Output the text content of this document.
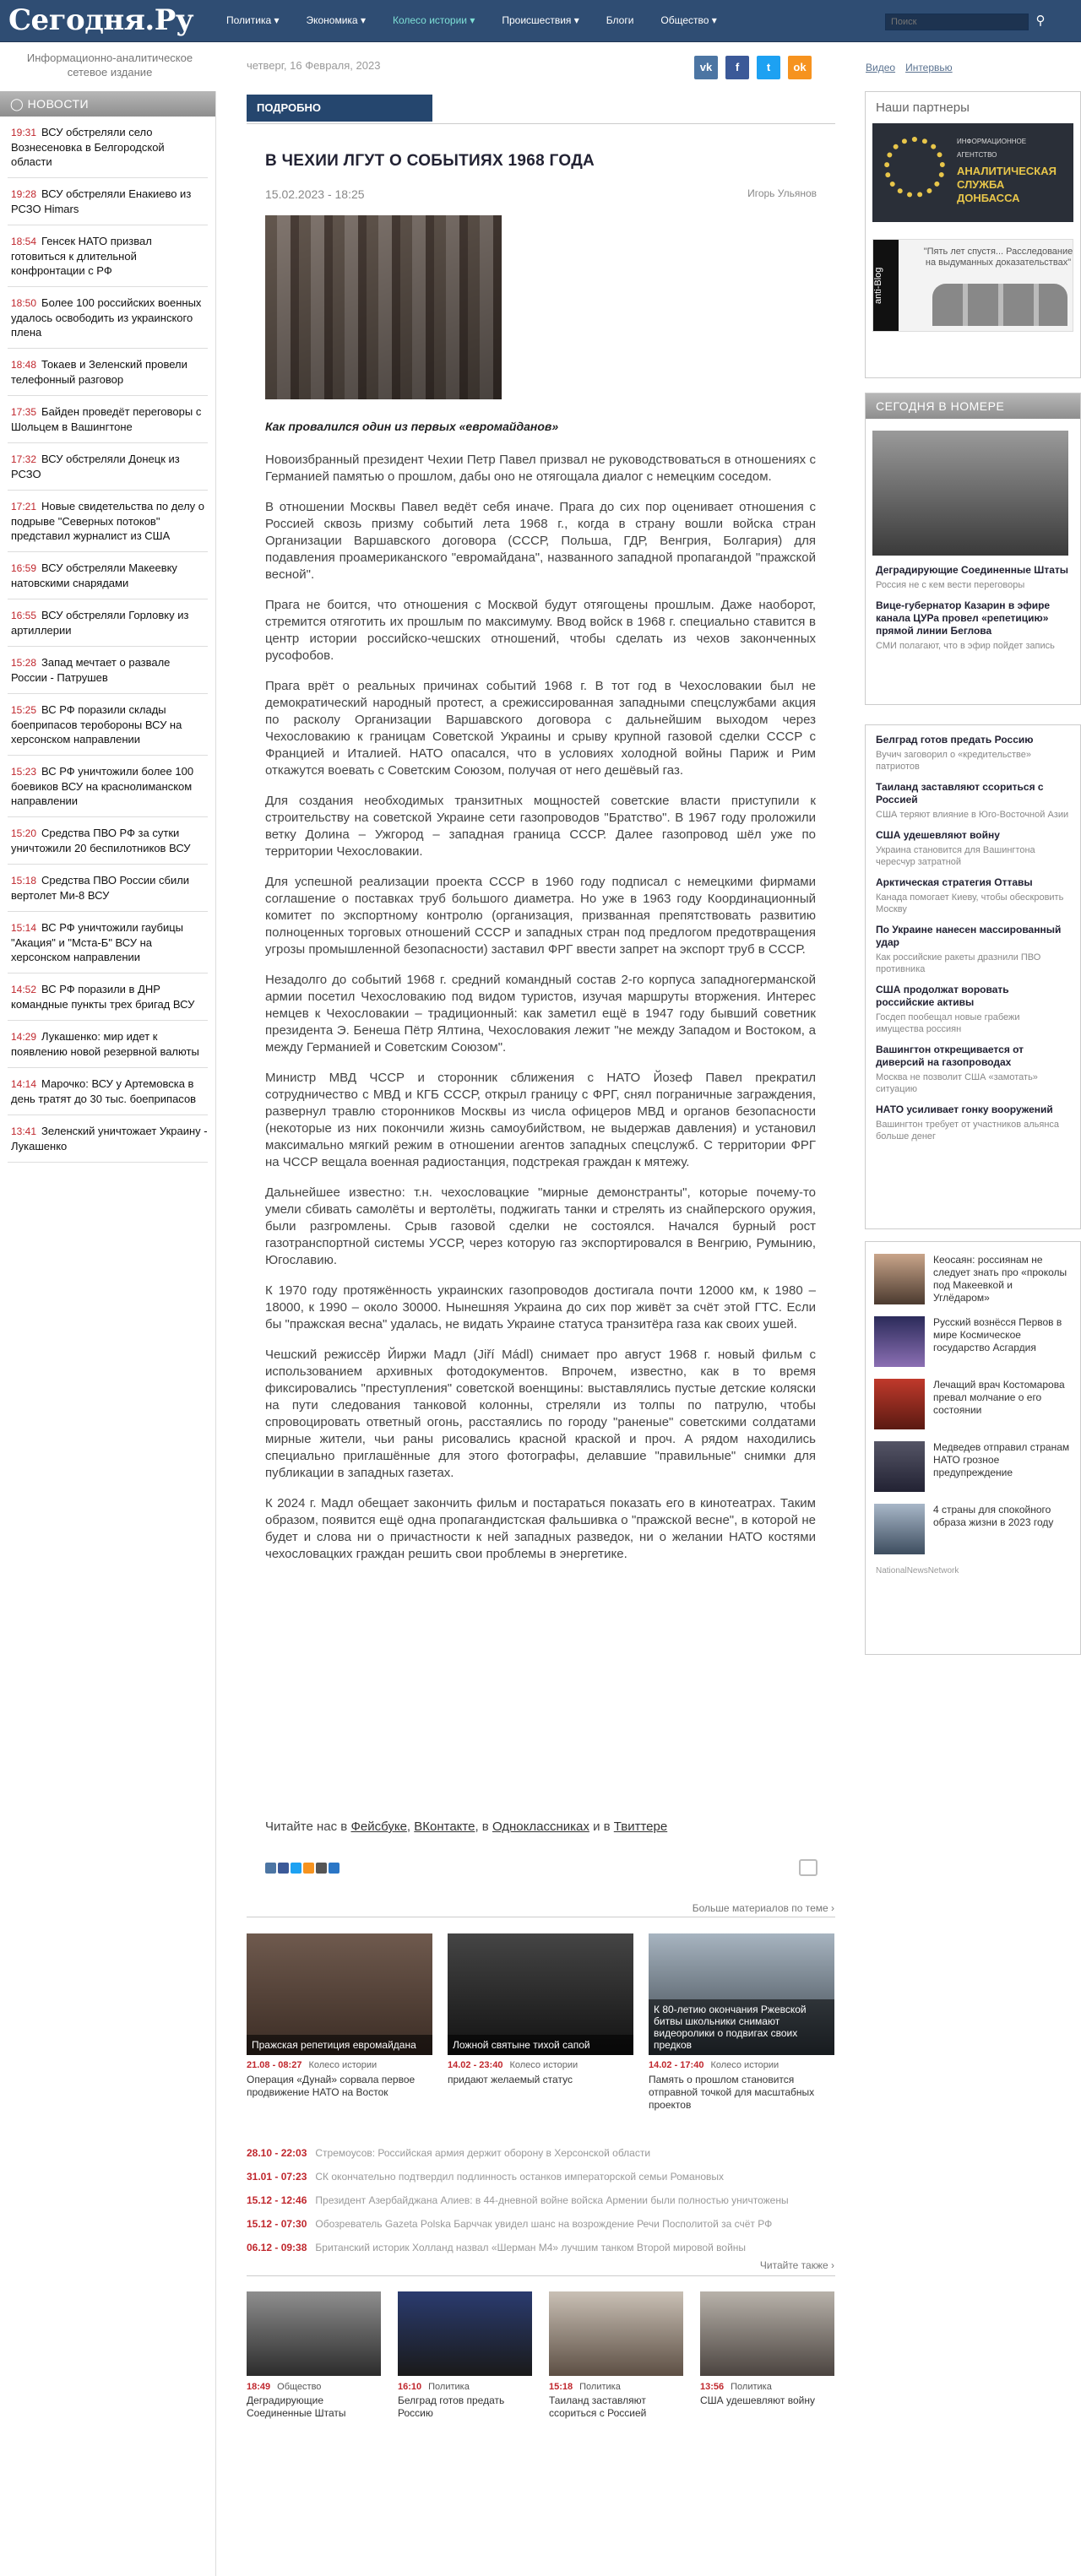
Сегодня.Ру	Политика ▾	Экономика ▾	Колесо истории ▾	Происшествия ▾	Блоги	Общество ▾
Поиск	⚲
Информационно-аналитическое сетевое издание
четверг, 16 Февраля, 2023	vk	f	t	ok	Видео Интервью
◯ НОВОСТИ
19:31 ВСУ обстреляли село Вознесеновка в Белгородской области
19:28 ВСУ обстреляли Енакиево из РСЗО Himars
18:54 Генсек НАТО призвал готовиться к длительной конфронтации с РФ
18:50 Более 100 российских военных удалось освободить из украинского плена
18:48 Токаев и Зеленский провели телефонный разговор
17:35 Байден проведёт переговоры с Шольцем в Вашингтоне
17:32 ВСУ обстреляли Донецк из РСЗО
17:21 Новые свидетельства по делу о подрыве "Северных потоков" представил журналист из США
16:59 ВСУ обстреляли Макеевку натовскими снарядами
16:55 ВСУ обстреляли Горловку из артиллерии
15:28 Запад мечтает о развале России - Патрушев
15:25 ВС РФ поразили склады боеприпасов теробороны ВСУ на херсонском направлении
15:23 ВС РФ уничтожили более 100 боевиков ВСУ на краснолиманском направлении
15:20 Средства ПВО РФ за сутки уничтожили 20 беспилотников ВСУ
15:18 Средства ПВО России сбили вертолет Ми-8 ВСУ
15:14 ВС РФ уничтожили гаубицы "Акация" и "Мста-Б" ВСУ на херсонском направлении
14:52 ВС РФ поразили в ДНР командные пункты трех бригад ВСУ
14:29 Лукашенко: мир идет к появлению новой резервной валюты
14:14 Марочко: ВСУ у Артемовска в день тратят до 30 тыс. боеприпасов
13:41 Зеленский уничтожает Украину - Лукашенко
ПОДРОБНО
В ЧЕХИИ ЛГУТ О СОБЫТИЯХ 1968 ГОДА
15.02.2023 - 18:25	Игорь Ульянов
Как провалился один из первых «евромайданов»

Новоизбранный президент Чехии Петр Павел призвал не руководствоваться в отношениях с Германией памятью о прошлом, дабы оно не отягощала диалог с немецким соседом.

В отношении Москвы Павел ведёт себя иначе. Прага до сих пор оценивает отношения с Россией сквозь призму событий лета 1968 г., когда в страну вошли войска стран Организации Варшавского договора (СССР, Польша, ГДР, Венгрия, Болгария) для подавления проамериканского "евромайдана", названного западной пропагандой "пражской весной".

Прага не боится, что отношения с Москвой будут отягощены прошлым. Даже наоборот, стремится отяготить их прошлым по максимуму. Ввод войск в 1968 г. специально ставится в центр истории российско-чешских отношений, чтобы сделать из чехов законченных русофобов.

Прага врёт о реальных причинах событий 1968 г. В тот год в Чехословакии был не демократический народный протест, а срежиссированная западными спецслужбами акция по расколу Организации Варшавского договора с дальнейшим выходом через Чехословакию к границам Советской Украины и срыву крупной газовой сделки СССР с Францией и Италией. НАТО опасался, что в условиях холодной войны Париж и Рим откажутся воевать с Советским Союзом, получая от него дешёвый газ.

Для создания необходимых транзитных мощностей советские власти приступили к строительству на советской Украине сети газопроводов "Братство". В 1967 году проложили ветку Долина – Ужгород – западная граница СССР. Далее газопровод шёл уже по территории Чехословакии.

Для успешной реализации проекта СССР в 1960 году подписал с немецкими фирмами соглашение о поставках труб большого диаметра. Но уже в 1963 году Координационный комитет по экспортному контролю (организация, призванная препятствовать развитию полноценных торговых отношений СССР и западных стран под предлогом предотвращения угрозы промышленной безопасности) заставил ФРГ ввести запрет на экспорт труб в СССР.

Незадолго до событий 1968 г. средний командный состав 2-го корпуса западногерманской армии посетил Чехословакию под видом туристов, изучая маршруты вторжения. Интерес немцев к Чехословакии – традиционный: как заметил ещё в 1947 году бывший советник президента Э. Бенеша Пётр Ялтина, Чехословакия лежит "не между Западом и Востоком, а между Германией и Советским Союзом".

Министр МВД ЧССР и сторонник сближения с НАТО Йозеф Павел прекратил сотрудничество с МВД и КГБ СССР, открыл границу с ФРГ, снял пограничные заграждения, развернул травлю сторонников Москвы из числа офицеров МВД и органов безопасности (некоторые из них покончили жизнь самоубийством, не выдержав давления) и установил максимально мягкий режим в отношении агентов западных спецслужб. С территории ФРГ на ЧССР вещала военная радиостанция, подстрекая граждан к мятежу.

Дальнейшее известно: т.н. чехословацкие "мирные демонстранты", которые почему-то умели сбивать самолёты и вертолёты, поджигать танки и стрелять из снайперского оружия, были разгромлены. Срыв газовой сделки не состоялся. Начался бурный рост газотранспортной системы УССР, через которую газ экспортировался в Венгрию, Румынию, Югославию.

К 1970 году протяжённость украинских газопроводов достигала почти 12000 км, к 1980 – 18000, к 1990 – около 30000. Нынешняя Украина до сих пор живёт за счёт этой ГТС. Если бы "пражская весна" удалась, не видать Украине статуса транзитёра газа как своих ушей.

Чешский режиссёр Йиржи Мадл (Jiří Mádl) снимает про август 1968 г. новый фильм с использованием архивных фотодокументов. Впрочем, известно, как в то время фиксировались "преступления" советской военщины: выставлялись пустые детские коляски на пути следования танковой колонны, стреляли из толпы по патрулю, чтобы спровоцировать ответный огонь, расстаялись по городу "раненые" советскими солдатами мирные жители, чьи раны рисовались красной краской и проч. А рядом находились специально приглашённые для этого фотографы, делавшие "правильные" снимки для публикации в западных газетах.

К 2024 г. Мадл обещает закончить фильм и постараться показать его в кинотеатрах. Таким образом, появится ещё одна пропагандистская фальшивка о "пражской весне", в которой не будет и слова ни о причастности к ней западных разведок, ни о желании НАТО костями чехословацких граждан решить свои проблемы в энергетике.

Читайте нас в Фейсбуке, ВКонтакте, в Одноклассниках и в Твиттере
Больше материалов по теме ›
Пражская репетиция евромайдана
21.08 - 08:27 Колесо истории
Операция «Дунай» сорвала первое продвижение НАТО на Восток
Ложной святыне тихой сапой
14.02 - 23:40 Колесо истории
придают желаемый статус
К 80-летию окончания Ржевской битвы школьники снимают видеоролики о подвигах своих предков
14.02 - 17:40 Колесо истории
Память о прошлом становится отправной точкой для масштабных проектов
28.10 - 22:03 Стремоусов: Российская армия держит оборону в Херсонской области
31.01 - 07:23 СК окончательно подтвердил подлинность останков императорской семьи Романовых
15.12 - 12:46 Президент Азербайджана Алиев: в 44-дневной войне войска Армении были полностью уничтожены
15.12 - 07:30 Обозреватель Gazeta Polska Барччак увидел шанс на возрождение Речи Посполитой за счёт РФ
06.12 - 09:38 Британский историк Холланд назвал «Шерман М4» лучшим танком Второй мировой войны
Читайте также ›
18:49 Общество
Деградирующие Соединенные Штаты
16:10 Политика
Белград готов предать Россию
15:18 Политика
Таиланд заставляют ссориться с Россией
13:56 Политика
США удешевляют войну
Наши партнеры
ИНФОРМАЦИОННОЕ АГЕНТСТВО
АНАЛИТИЧЕСКАЯ СЛУЖБА ДОНБАССА
anti-Blog
"Пять лет спустя... Расследование на выдуманных доказательствах"
СЕГОДНЯ В НОМЕРЕ
Деградирующие Соединенные Штаты
Россия не с кем вести переговоры
Вице-губернатор Казарин в эфире канала ЦУРа провел «репетицию» прямой линии Беглова
СМИ полагают, что в эфир пойдет запись
Белград готов предать Россию
Вучич заговорил о «кредительстве» патриотов
Таиланд заставляют ссориться с Россией
США теряют влияние в Юго-Восточной Азии
США удешевляют войну
Украина становится для Вашингтона чересчур затратной
Арктическая стратегия Оттавы
Канада помогает Киеву, чтобы обескровить Москву
По Украине нанесен массированный удар
Как российские ракеты дразнили ПВО противника
США продолжат воровать российские активы
Госдеп пообещал новые грабежи имущества россиян
Вашингтон открещивается от диверсий на газопроводах
Москва не позволит США «замотать» ситуацию
НАТО усиливает гонку вооружений
Вашингтон требует от участников альянса больше денег
Кеосаян: россиянам не следует знать про «проколы под Макеевкой и Углёдаром»
Русский вознёсся Первов в мире Космическое государство Асгардия
Лечащий врач Костомарова превал молчание о его состоянии
Медведев отправил странам НАТО грозное предупреждение
4 страны для спокойного образа жизни в 2023 году
NationalNewsNetwork
